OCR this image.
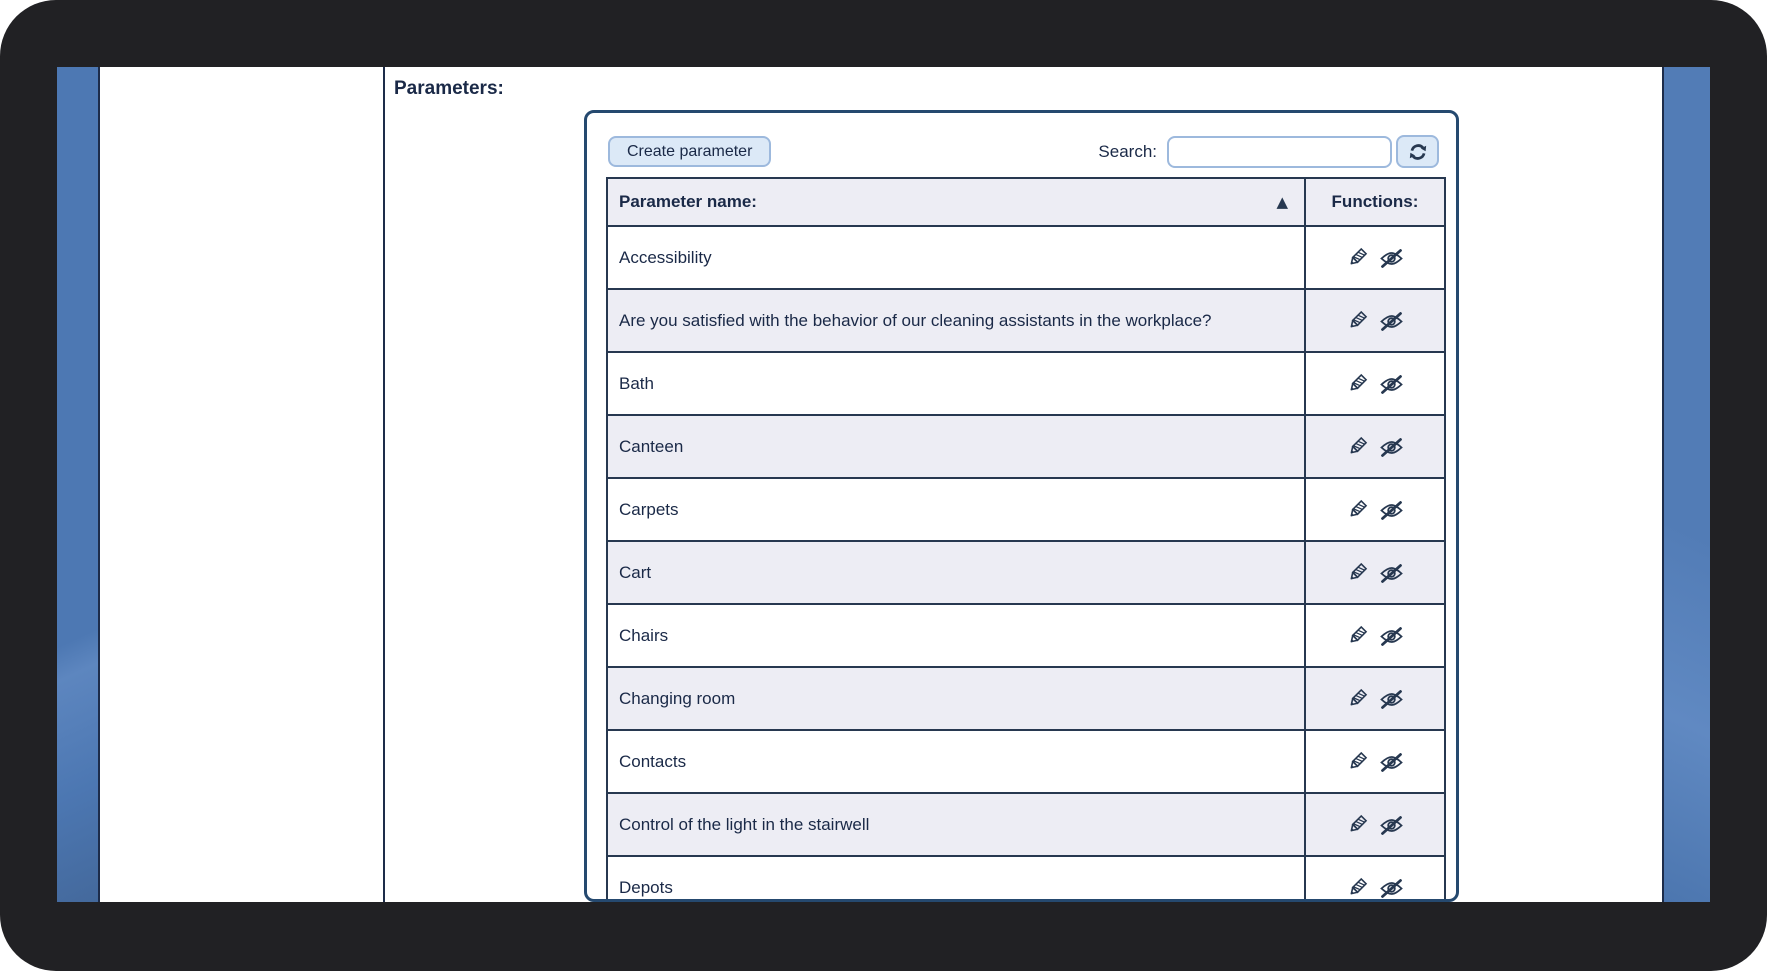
Parameters:
Create parameter	Search:
Parameter name: ▲	Functions:
Accessibility	

Are you satisfied with the behavior of our cleaning assistants in the workplace?	

Bath	

Canteen	

Carpets	

Cart	

Chairs	

Changing room	

Contacts	

Control of the light in the stairwell	

Depots	
